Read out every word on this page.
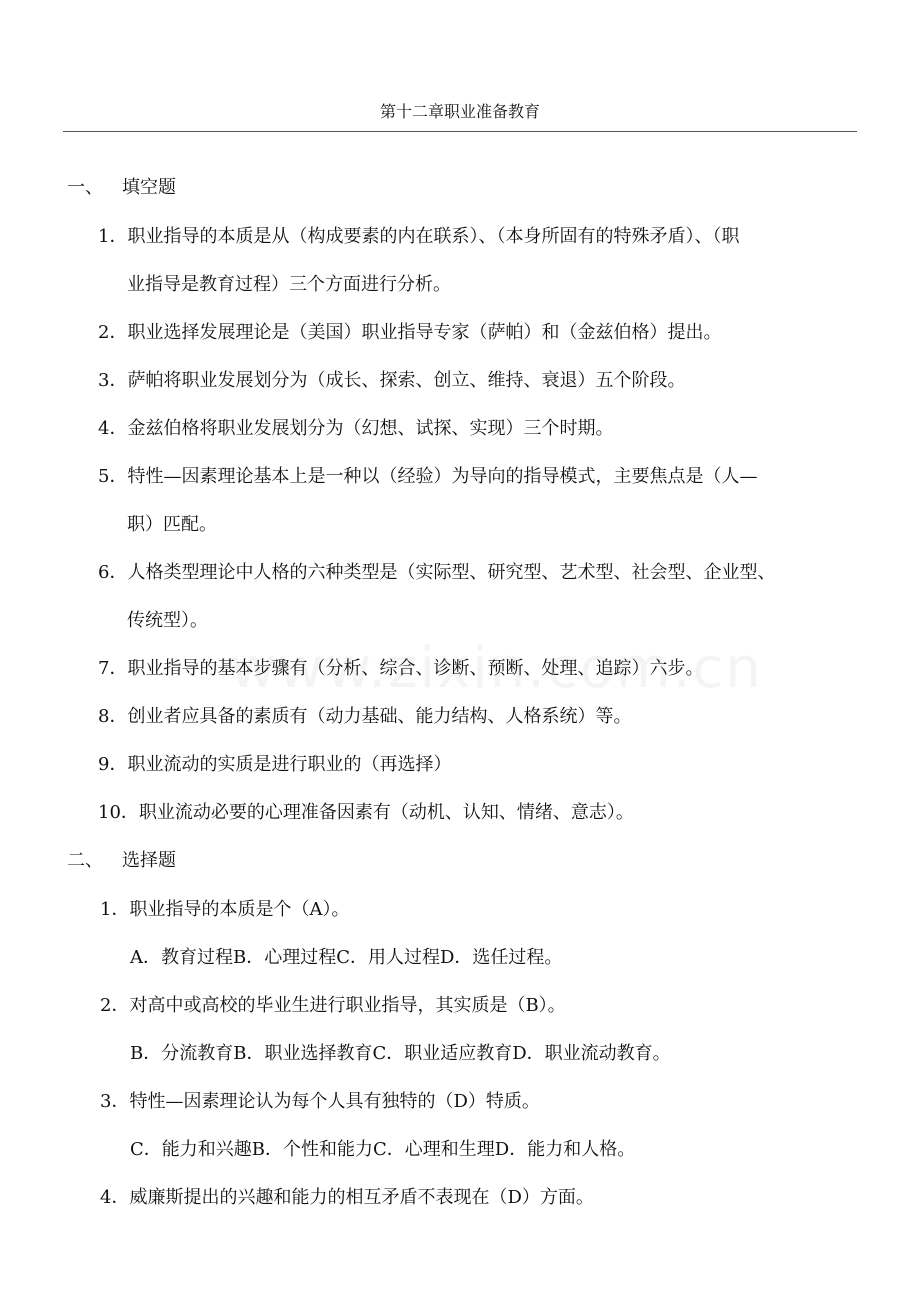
第十二章职业准备教育
一、 填空题
1．职业指导的本质是从（构成要素的内在联系）、（本身所固有的特殊矛盾）、（职
业指导是教育过程）三个方面进行分析。
2．职业选择发展理论是（美国）职业指导专家（萨帕）和（金兹伯格）提出。
3．萨帕将职业发展划分为（成长、探索、创立、维持、衰退）五个阶段。
4．金兹伯格将职业发展划分为（幻想、试探、实现）三个时期。
5．特性—因素理论基本上是一种以（经验）为导向的指导模式，主要焦点是（人—
职）匹配。
6．人格类型理论中人格的六种类型是（实际型、研究型、艺术型、社会型、企业型、
传统型）。
7．职业指导的基本步骤有（分析、综合、诊断、预断、处理、追踪）六步。
8．创业者应具备的素质有（动力基础、能力结构、人格系统）等。
9．职业流动的实质是进行职业的（再选择）
10．职业流动必要的心理准备因素有（动机、认知、情绪、意志）。
二、 选择题
1．职业指导的本质是个（A）。
A．教育过程B．心理过程C．用人过程D．选任过程。
2．对高中或高校的毕业生进行职业指导，其实质是（B）。
B．分流教育B．职业选择教育C．职业适应教育D．职业流动教育。
3．特性—因素理论认为每个人具有独特的（D）特质。
C．能力和兴趣B．个性和能力C．心理和生理D．能力和人格。
4．威廉斯提出的兴趣和能力的相互矛盾不表现在（D）方面。
